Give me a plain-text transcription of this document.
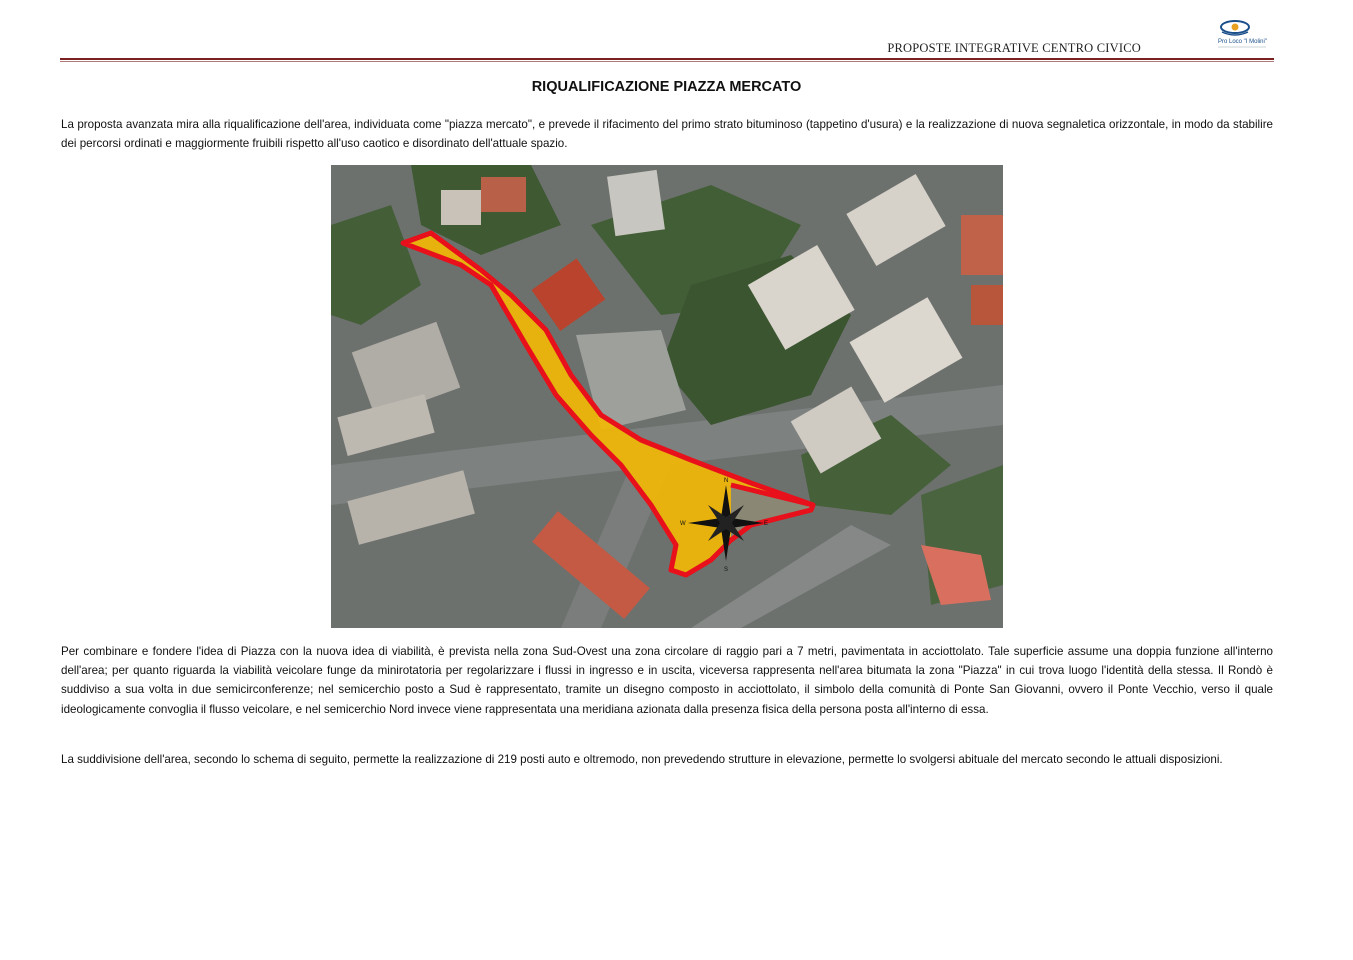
PROPOSTE INTEGRATIVE CENTRO CIVICO	Pro Loco "I Molini"
RIQUALIFICAZIONE PIAZZA MERCATO
La proposta avanzata mira alla riqualificazione dell'area, individuata come "piazza mercato", e prevede il rifacimento del primo strato bituminoso (tappetino d'usura) e la realizzazione di nuova segnaletica orizzontale, in modo da stabilire dei percorsi ordinati e maggiormente fruibili rispetto all'uso caotico e disordinato dell'attuale spazio.
N
S
E
W
Per combinare e fondere l'idea di Piazza con la nuova idea di viabilità, è prevista nella zona Sud-Ovest una zona circolare di raggio pari a 7 metri, pavimentata in acciottolato. Tale superficie assume una doppia funzione all'interno dell'area; per quanto riguarda la viabilità veicolare funge da minirotatoria per regolarizzare i flussi in ingresso e in uscita, viceversa rappresenta nell'area bitumata la zona "Piazza" in cui trova luogo l'identità della stessa. Il Rondò è suddiviso a sua volta in due semicirconferenze; nel semicerchio posto a Sud è rappresentato, tramite un disegno composto in acciottolato, il simbolo della comunità di Ponte San Giovanni, ovvero il Ponte Vecchio, verso il quale ideologicamente convoglia il flusso veicolare, e nel semicerchio Nord invece viene rappresentata una meridiana azionata dalla presenza fisica della persona posta all'interno di essa.
La suddivisione dell'area, secondo lo schema di seguito, permette la realizzazione di 219 posti auto e oltremodo, non prevedendo strutture in elevazione, permette lo svolgersi abituale del mercato secondo le attuali disposizioni.
